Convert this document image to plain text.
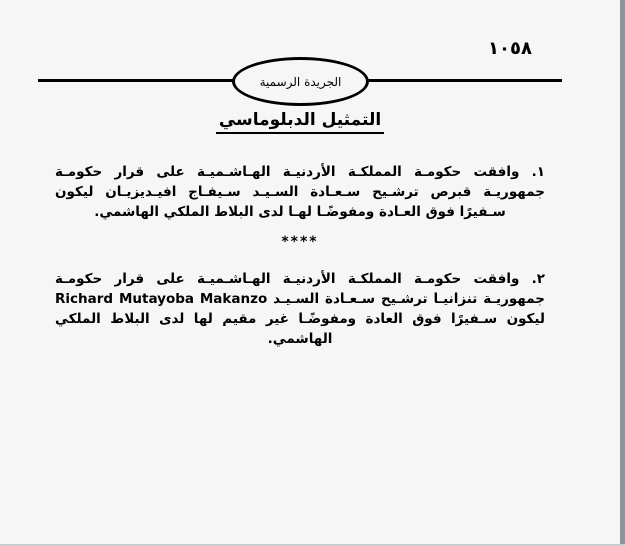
١٠٥٨
الجريدة الرسمية
التمثيل الدبلوماسي

١. وافقت حكومـة المملكـة الأردنيـة الهـاشـميـة على قرار حكومـة جمهوريـة قبرص ترشـيح سـعـادة السـيـد سـيفـاج افيـديزيـان ليكون سـفيرًا فوق العـادة ومفوضًـا لهـا لدى البلاط الملكي الهاشمي.

****

٢. وافقت حكومـة المملكـة الأردنيـة الهـاشـميـة على قرار حكومـة جمهوريـة تنزانيـا ترشـيح سـعـادة السـيـد Richard Mutayoba Makanzo ليكون سـفيرًا فوق العادة ومفوضًـا غير مقيم لها لدى البلاط الملكي الهاشمي.
